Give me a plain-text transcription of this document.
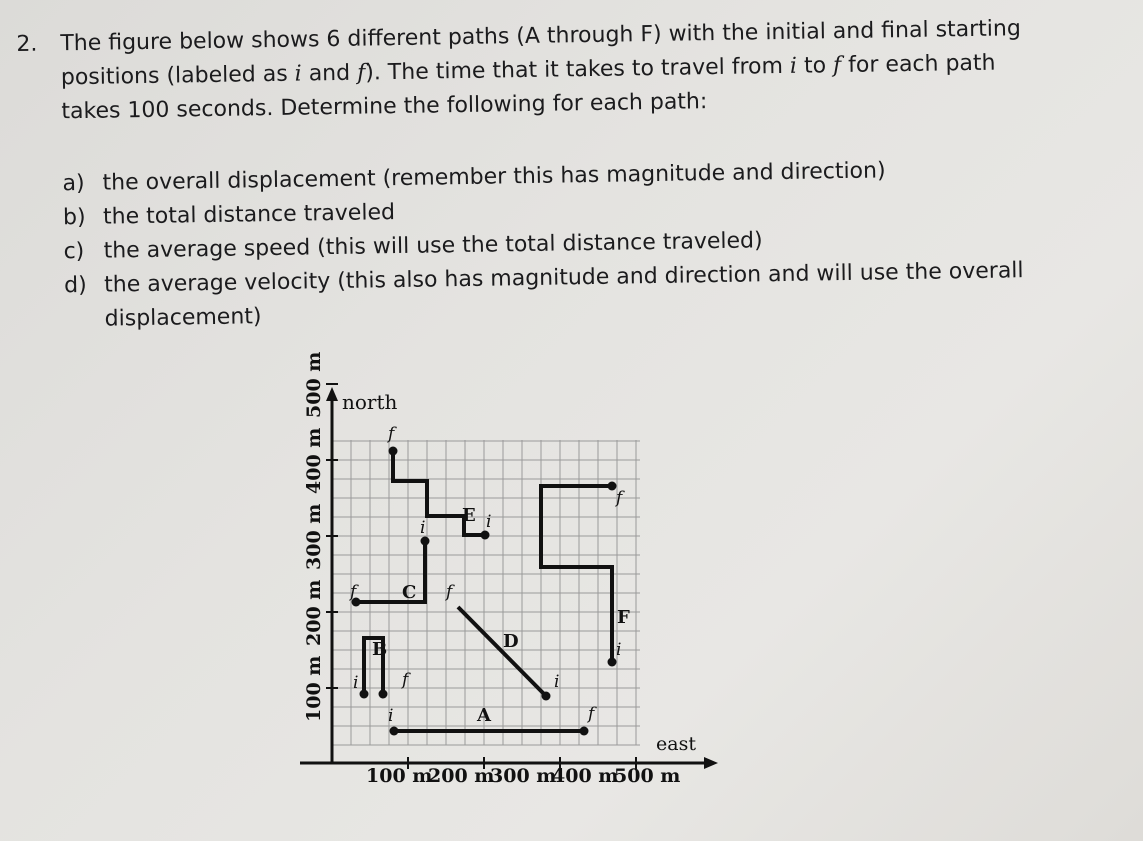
2. The figure below shows 6 different paths (A through F) with the initial and final starting
positions (labeled as i and f). The time that it takes to travel from i to f for each path
takes 100 seconds. Determine the following for each path:
a) the overall displacement (remember this has magnitude and direction)
b) the total distance traveled
c) the average speed (this will use the total distance traveled)
d) the average velocity (this also has magnitude and direction and will use the overall
displacement)
north
east
100 m
200 m
300 m
400 m
500 m
100 m
200 m
300 m
400 m
500 m
A
B
C
D
E
F
i	f
i	f
i
f
i
f
i
f
i
f
